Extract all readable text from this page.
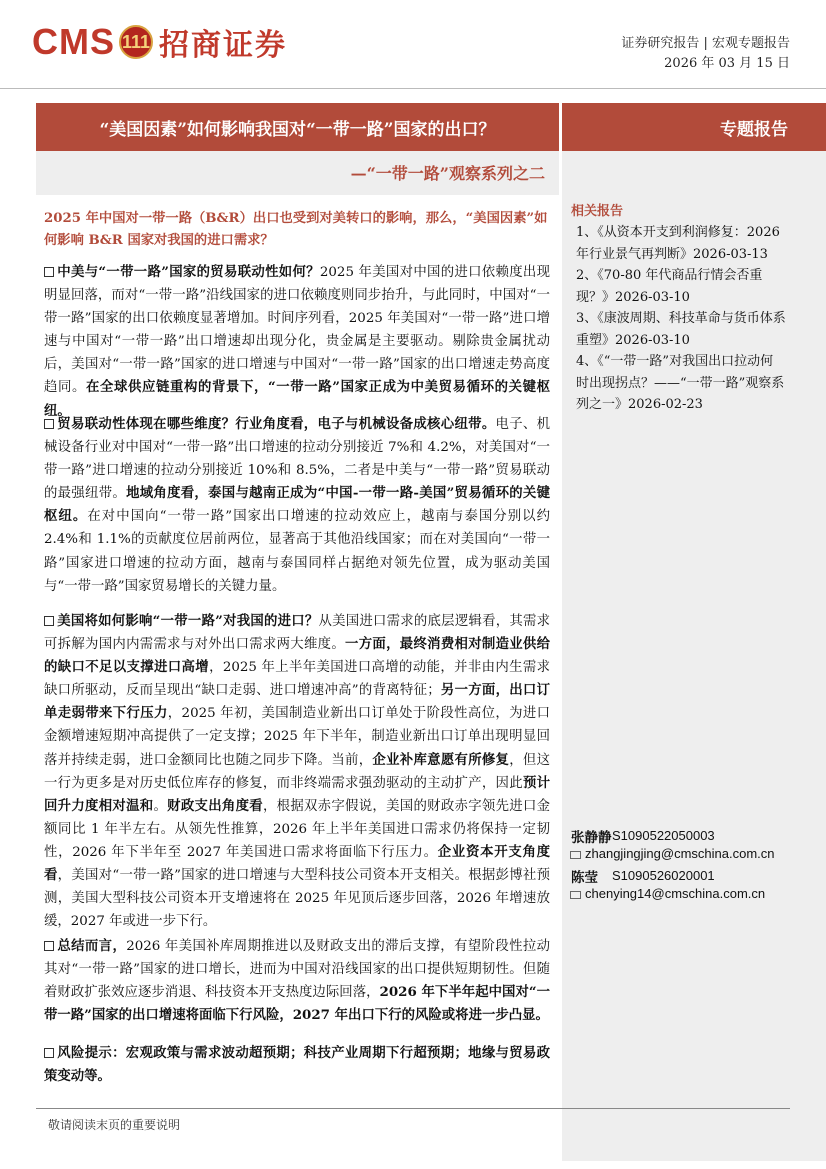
CMS 111 招商证券	证券研究报告 | 宏观专题报告
2026 年 03 月 15 日
“美国因素”如何影响我国对“一带一路”国家的出口？	专题报告
—“一带一路”观察系列之二
2025 年中国对一带一路（B&R）出口也受到对美转口的影响，那么，“美国因素”如何影响 B&R 国家对我国的进口需求？
中美与“一带一路”国家的贸易联动性如何？2025 年美国对中国的进口依赖度出现明显回落，而对“一带一路”沿线国家的进口依赖度则同步抬升，与此同时，中国对“一带一路”国家的出口依赖度显著增加。时间序列看，2025 年美国对“一带一路”进口增速与中国对“一带一路”出口增速却出现分化，贵金属是主要驱动。剔除贵金属扰动后，美国对“一带一路”国家的进口增速与中国对“一带一路”国家的出口增速走势高度趋同。在全球供应链重构的背景下，“一带一路”国家正成为中美贸易循环的关键枢纽。
贸易联动性体现在哪些维度？行业角度看，电子与机械设备成核心纽带。电子、机械设备行业对中国对“一带一路”出口增速的拉动分别接近 7%和 4.2%，对美国对“一带一路”进口增速的拉动分别接近 10%和 8.5%，二者是中美与“一带一路”贸易联动的最强纽带。地域角度看，泰国与越南正成为“中国-一带一路-美国”贸易循环的关键枢纽。在对中国向“一带一路”国家出口增速的拉动效应上，越南与泰国分别以约 2.4%和 1.1%的贡献度位居前两位，显著高于其他沿线国家；而在对美国向“一带一路”国家进口增速的拉动方面，越南与泰国同样占据绝对领先位置，成为驱动美国与“一带一路”国家贸易增长的关键力量。
美国将如何影响“一带一路”对我国的进口？从美国进口需求的底层逻辑看，其需求可拆解为国内内需需求与对外出口需求两大维度。一方面，最终消费相对制造业供给的缺口不足以支撑进口高增，2025 年上半年美国进口高增的动能，并非由内生需求缺口所驱动，反而呈现出“缺口走弱、进口增速冲高”的背离特征；另一方面，出口订单走弱带来下行压力，2025 年初，美国制造业新出口订单处于阶段性高位，为进口金额增速短期冲高提供了一定支撑；2025 年下半年，制造业新出口订单出现明显回落并持续走弱，进口金额同比也随之同步下降。当前，企业补库意愿有所修复，但这一行为更多是对历史低位库存的修复，而非终端需求强劲驱动的主动扩产，因此预计回升力度相对温和。财政支出角度看，根据双赤字假说，美国的财政赤字领先进口金额同比 1 年半左右。从领先性推算，2026 年上半年美国进口需求仍将保持一定韧性，2026 年下半年至 2027 年美国进口需求将面临下行压力。企业资本开支角度看，美国对“一带一路”国家的进口增速与大型科技公司资本开支相关。根据彭博社预测，美国大型科技公司资本开支增速将在 2025 年见顶后逐步回落，2026 年增速放缓，2027 年或进一步下行。
总结而言，2026 年美国补库周期推进以及财政支出的滞后支撑，有望阶段性拉动其对“一带一路”国家的进口增长，进而为中国对沿线国家的出口提供短期韧性。但随着财政扩张效应逐步消退、科技资本开支热度边际回落，2026 年下半年起中国对“一带一路”国家的出口增速将面临下行风险，2027 年出口下行的风险或将进一步凸显。
风险提示：宏观政策与需求波动超预期；科技产业周期下行超预期；地缘与贸易政策变动等。
相关报告

1、《从资本开支到利润修复：2026 年行业景气再判断》2026-03-13

2、《70-80 年代商品行情会否重现？》2026-03-10

3、《康波周期、科技革命与货币体系重塑》2026-03-10

4、《“一带一路”对我国出口拉动何时出现拐点？——“一带一路”观察系列之一》2026-02-23

张静静 S1090522050003
zhangjingjing@cmschina.com.cn
陈莹 S1090526020001
chenying14@cmschina.com.cn
敬请阅读末页的重要说明
